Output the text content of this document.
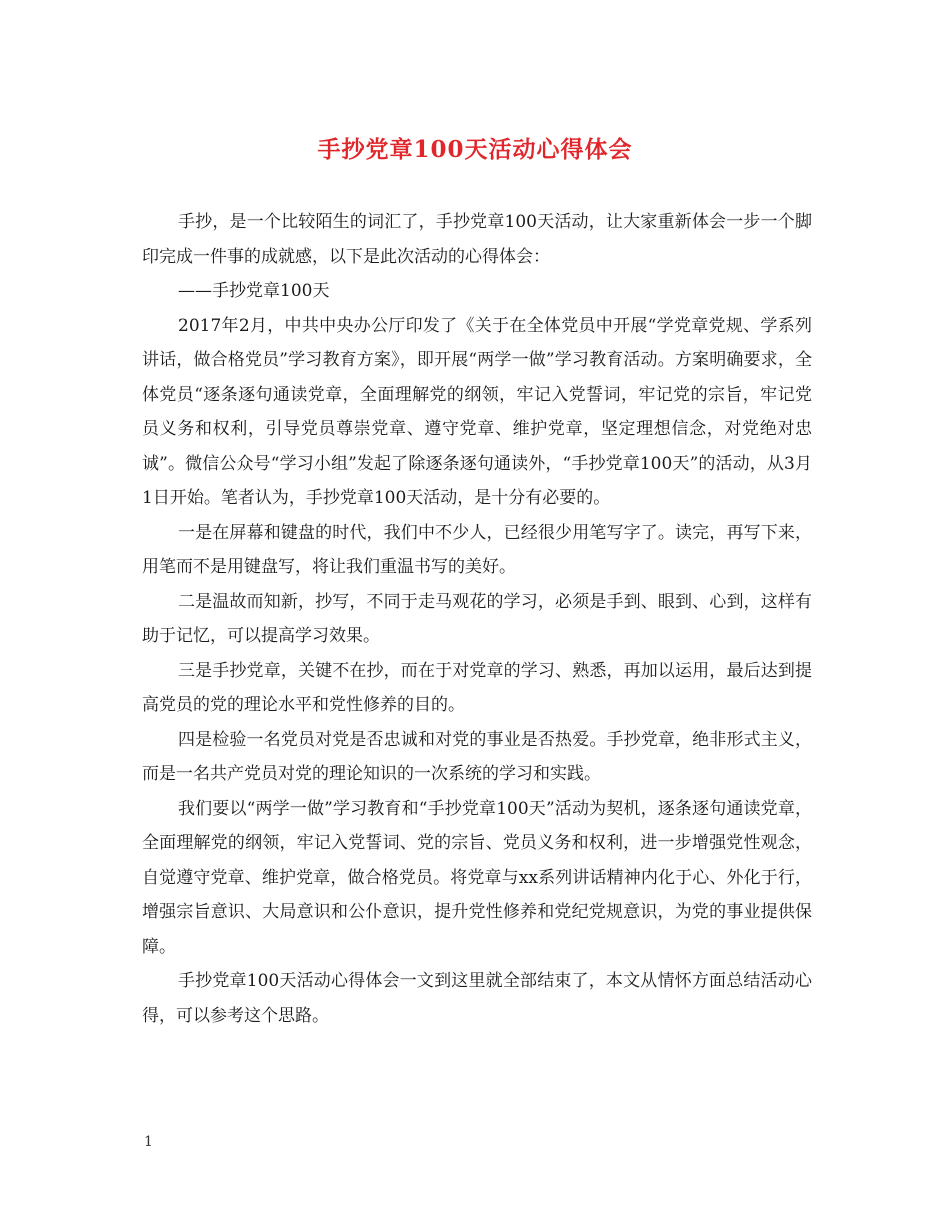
手抄党章100天活动心得体会

手抄，是一个比较陌生的词汇了，手抄党章100天活动，让大家重新体会一步一个脚印完成一件事的成就感，以下是此次活动的心得体会：

——手抄党章100天

2017年2月，中共中央办公厅印发了《关于在全体党员中开展“学党章党规、学系列讲话，做合格党员”学习教育方案》，即开展“两学一做”学习教育活动。方案明确要求，全体党员“逐条逐句通读党章，全面理解党的纲领，牢记入党誓词，牢记党的宗旨，牢记党员义务和权利，引导党员尊崇党章、遵守党章、维护党章，坚定理想信念，对党绝对忠诚”。微信公众号“学习小组”发起了除逐条逐句通读外，“手抄党章100天”的活动，从3月1日开始。笔者认为，手抄党章100天活动，是十分有必要的。

一是在屏幕和键盘的时代，我们中不少人，已经很少用笔写字了。读完，再写下来，用笔而不是用键盘写，将让我们重温书写的美好。

二是温故而知新，抄写，不同于走马观花的学习，必须是手到、眼到、心到，这样有助于记忆，可以提高学习效果。

三是手抄党章，关键不在抄，而在于对党章的学习、熟悉，再加以运用，最后达到提高党员的党的理论水平和党性修养的目的。

四是检验一名党员对党是否忠诚和对党的事业是否热爱。手抄党章，绝非形式主义，而是一名共产党员对党的理论知识的一次系统的学习和实践。

我们要以“两学一做”学习教育和“手抄党章100天”活动为契机，逐条逐句通读党章，全面理解党的纲领，牢记入党誓词、党的宗旨、党员义务和权利，进一步增强党性观念，自觉遵守党章、维护党章，做合格党员。将党章与xx系列讲话精神内化于心、外化于行，增强宗旨意识、大局意识和公仆意识，提升党性修养和党纪党规意识，为党的事业提供保障。

手抄党章100天活动心得体会一文到这里就全部结束了，本文从情怀方面总结活动心得，可以参考这个思路。

1
